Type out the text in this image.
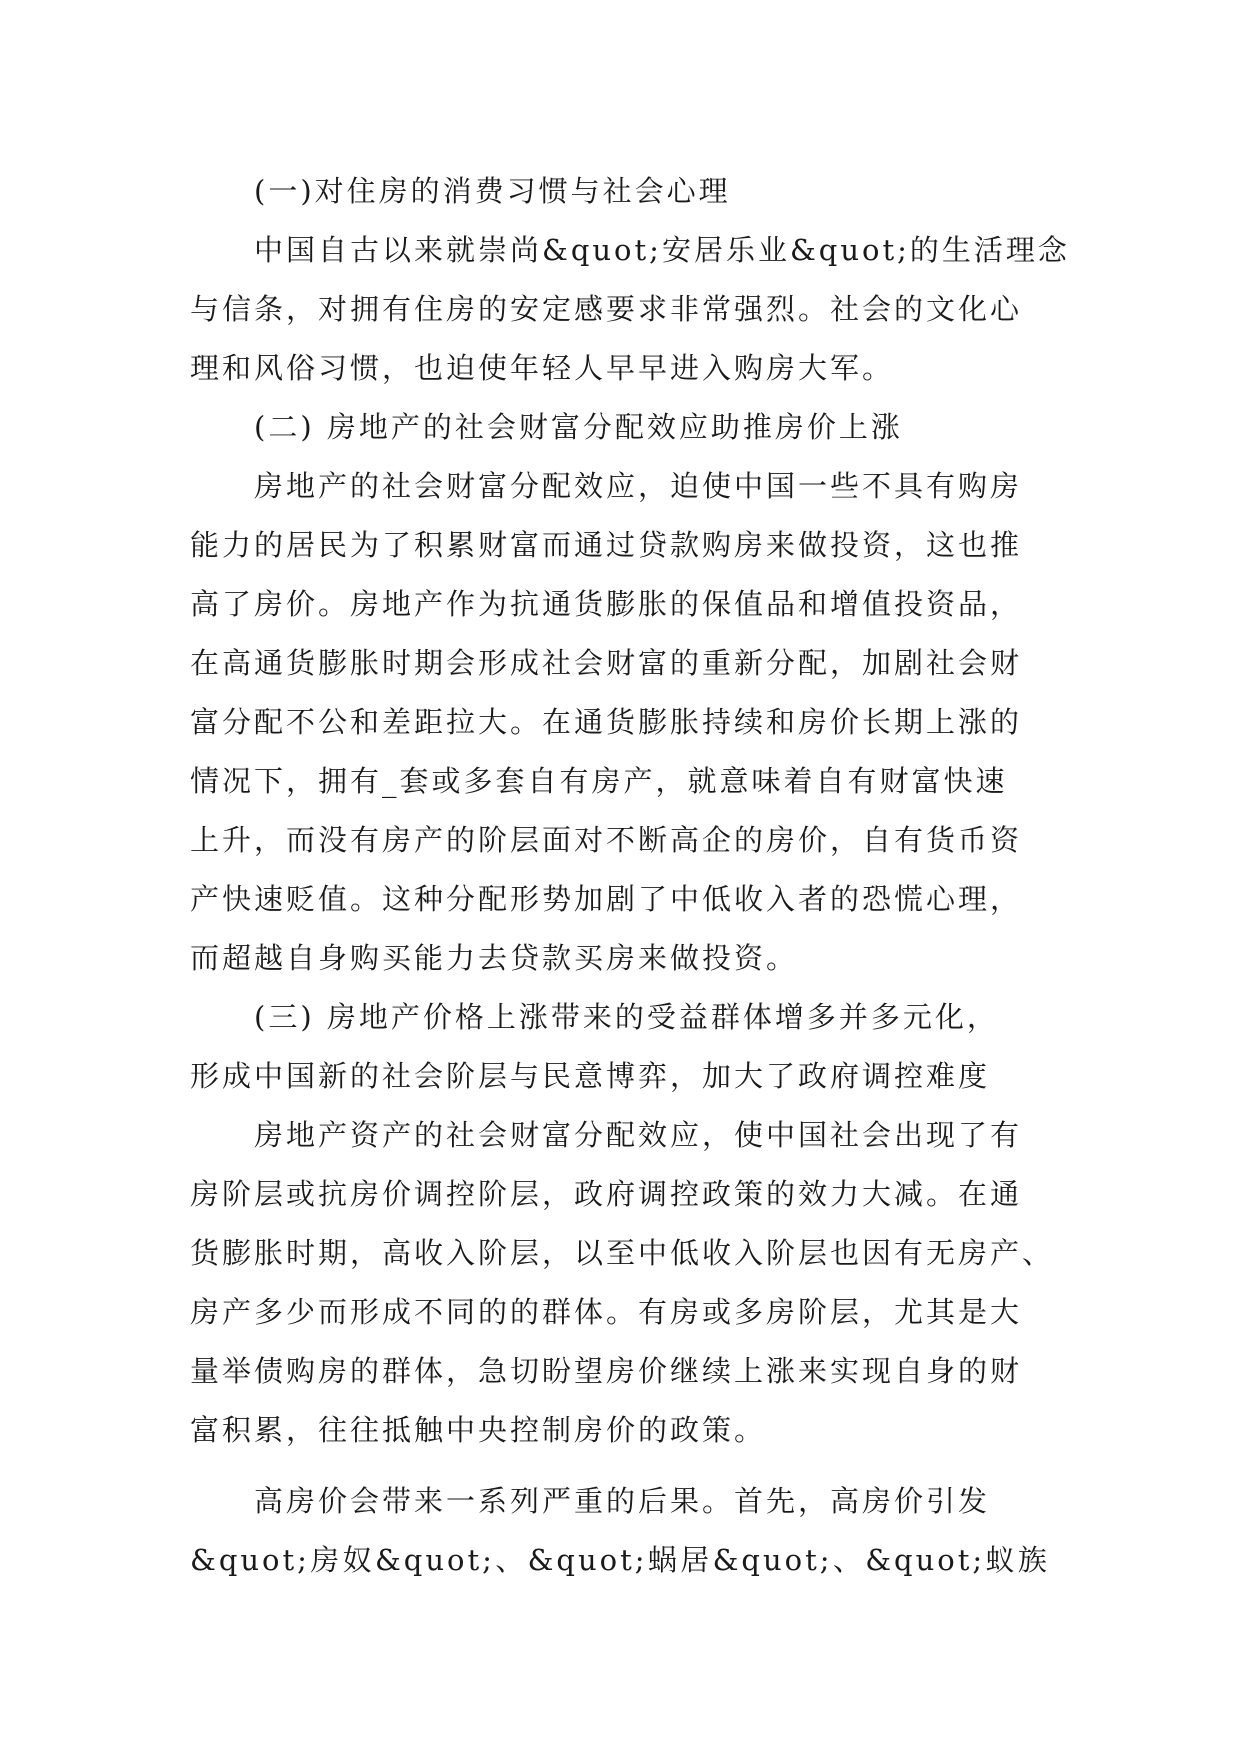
(一)对住房的消费习惯与社会心理
中国自古以来就崇尚&quot;安居乐业&quot;的生活理念
与信条，对拥有住房的安定感要求非常强烈。社会的文化心
理和风俗习惯，也迫使年轻人早早进入购房大军。
(二) 房地产的社会财富分配效应助推房价上涨
房地产的社会财富分配效应，迫使中国一些不具有购房
能力的居民为了积累财富而通过贷款购房来做投资，这也推
高了房价。房地产作为抗通货膨胀的保值品和增值投资品，
在高通货膨胀时期会形成社会财富的重新分配，加剧社会财
富分配不公和差距拉大。在通货膨胀持续和房价长期上涨的
情况下，拥有_套或多套自有房产，就意味着自有财富快速
上升，而没有房产的阶层面对不断高企的房价，自有货币资
产快速贬值。这种分配形势加剧了中低收入者的恐慌心理，
而超越自身购买能力去贷款买房来做投资。
(三) 房地产价格上涨带来的受益群体增多并多元化，
形成中国新的社会阶层与民意博弈，加大了政府调控难度
房地产资产的社会财富分配效应，使中国社会出现了有
房阶层或抗房价调控阶层，政府调控政策的效力大减。在通
货膨胀时期，高收入阶层，以至中低收入阶层也因有无房产、
房产多少而形成不同的的群体。有房或多房阶层，尤其是大
量举债购房的群体，急切盼望房价继续上涨来实现自身的财
富积累，往往抵触中央控制房价的政策。
高房价会带来一系列严重的后果。首先，高房价引发
&quot; 房 奴 &quot; 、 &quot; 蜗 居 &quot; 、 &quot; 蚁 族
